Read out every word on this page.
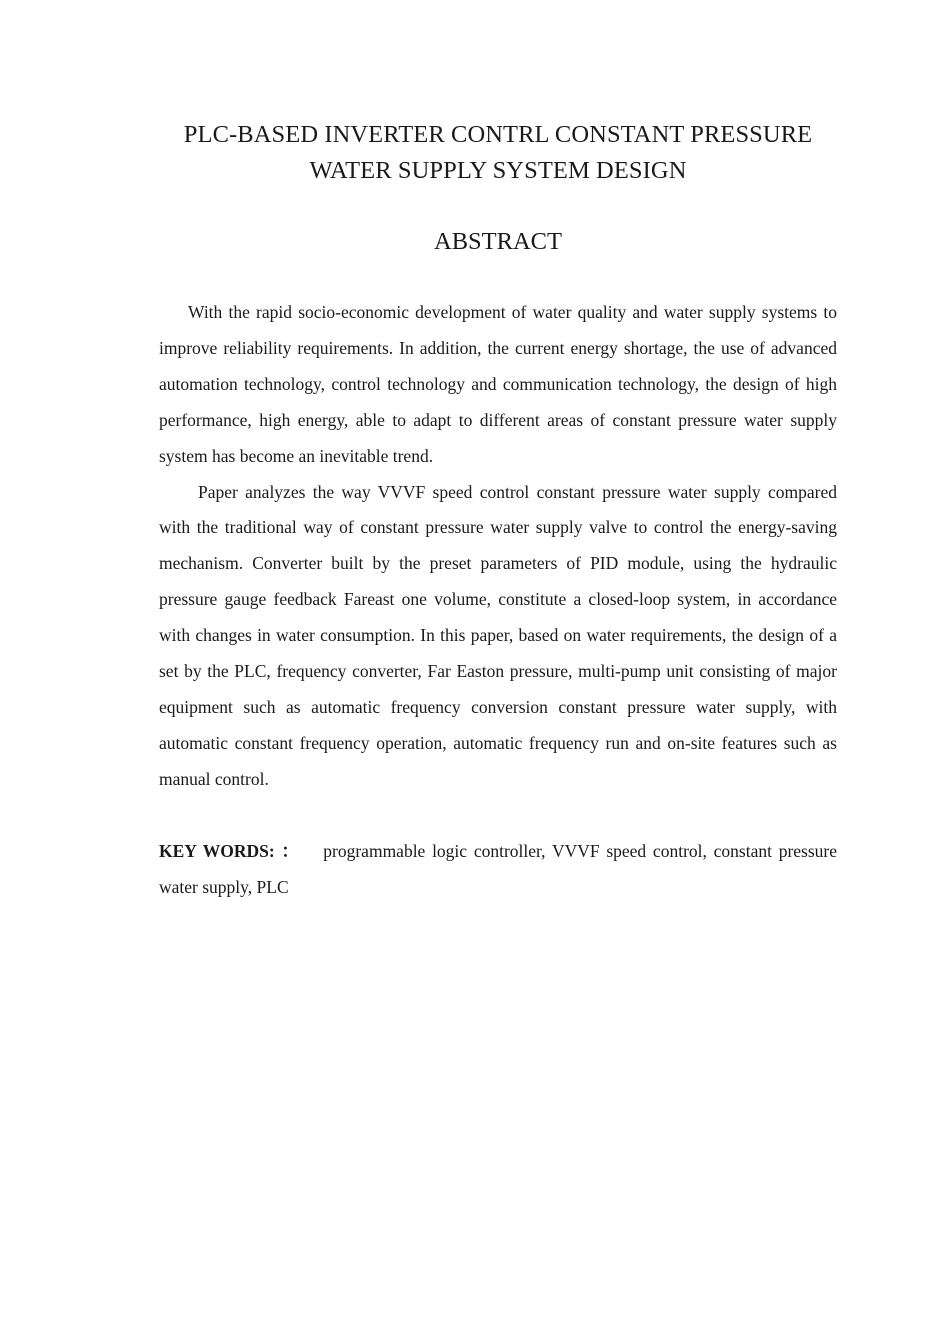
PLC-BASED INVERTER CONTRL CONSTANT PRESSURE
WATER SUPPLY SYSTEM DESIGN
ABSTRACT

With the rapid socio-economic development of water quality and water supply systems to improve reliability requirements. In addition, the current energy shortage, the use of advanced automation technology, control technology and communication technology, the design of high performance, high energy, able to adapt to different areas of constant pressure water supply system has become an inevitable trend.

Paper analyzes the way VVVF speed control constant pressure water supply compared with the traditional way of constant pressure water supply valve to control the energy-saving mechanism. Converter built by the preset parameters of PID module, using the hydraulic pressure gauge feedback Fareast one volume, constitute a closed-loop system, in accordance with changes in water consumption. In this paper, based on water requirements, the design of a set by the PLC, frequency converter, Far Easton pressure, multi-pump unit consisting of major equipment such as automatic frequency conversion constant pressure water supply, with automatic constant frequency operation, automatic frequency run and on-site features such as manual control.

KEY WORDS: ： programmable logic controller, VVVF speed control, constant pressure water supply, PLC
